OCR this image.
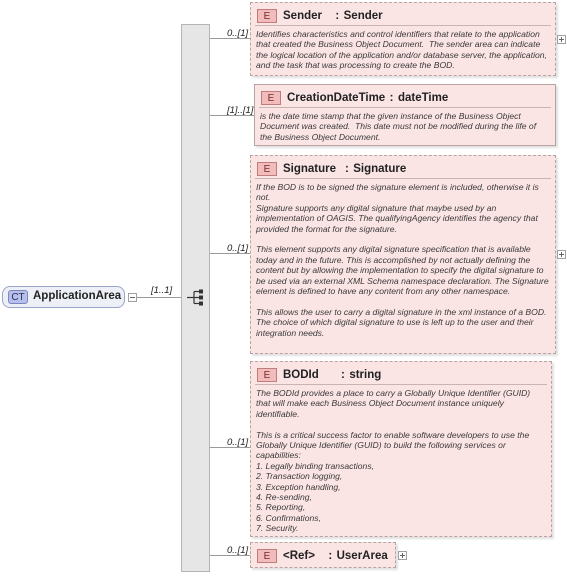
CT ApplicationArea	[1..1]
0..[1]
[1]..[1]
0..[1]
0..[1]
0..[1]
E Sender : Sender
Identifies characteristics and control identifiers that relate to the application that created the Business Object Document.  The sender area can indicate the logical location of the application and/or database server, the application, and the task that was processing to create the BOD.
E CreationDateTime : dateTime
is the date time stamp that the given instance of the Business Object Document was created.  This date must not be modified during the life of the Business Object Document.
E Signature : Signature
If the BOD is to be signed the signature element is included, otherwise it is not.
Signature supports any digital signature that maybe used by an implementation of OAGIS. The qualifyingAgency identifies the agency that provided the format for the signature.

This element supports any digital signature specification that is available today and in the future. This is accomplished by not actually defining the content but by allowing the implementation to specify the digital signature to be used via an external XML Schema namespace declaration. The Signature element is defined to have any content from any other namespace.

This allows the user to carry a digital signature in the xml instance of a BOD. The choice of which digital signature to use is left up to the user and their integration needs.
E BODId : string
The BODId provides a place to carry a Globally Unique Identifier (GUID) that will make each Business Object Document instance uniquely identifiable.

This is a critical success factor to enable software developers to use the Globally Unique Identifier (GUID) to build the following services or capabilities:
1. Legally binding transactions,
2. Transaction logging,
3. Exception handling,
4. Re-sending,
5. Reporting,
6. Confirmations,
7. Security.
E <Ref> : UserArea
